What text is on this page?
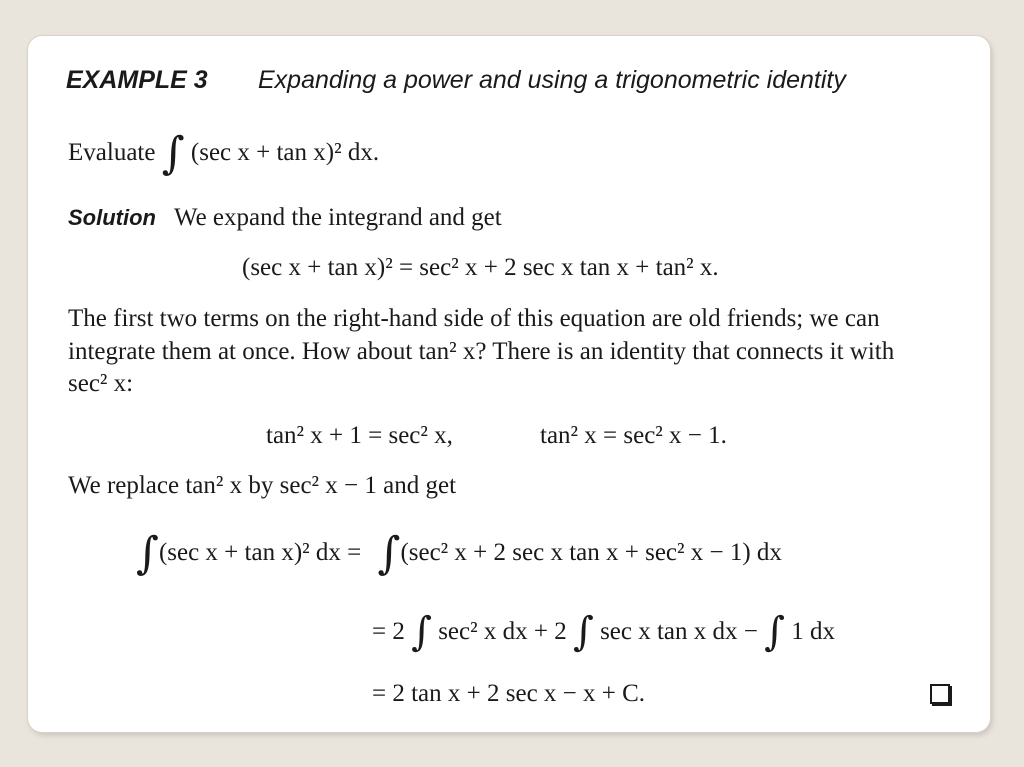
EXAMPLE 3 Expanding a power and using a trigonometric identity
Evaluate ∫ (sec x + tan x)² dx.
Solution We expand the integrand and get
(sec x + tan x)² = sec² x + 2 sec x tan x + tan² x.
The first two terms on the right-hand side of this equation are old friends; we can
integrate them at once. How about tan² x? There is an identity that connects it with
sec² x:
tan² x + 1 = sec² x,	tan² x = sec² x − 1.
We replace tan² x by sec² x − 1 and get
∫(sec x + tan x)² dx = ∫(sec² x + 2 sec x tan x + sec² x − 1) dx
= 2 ∫ sec² x dx + 2 ∫ sec x tan x dx − ∫ 1 dx
= 2 tan x + 2 sec x − x + C.
